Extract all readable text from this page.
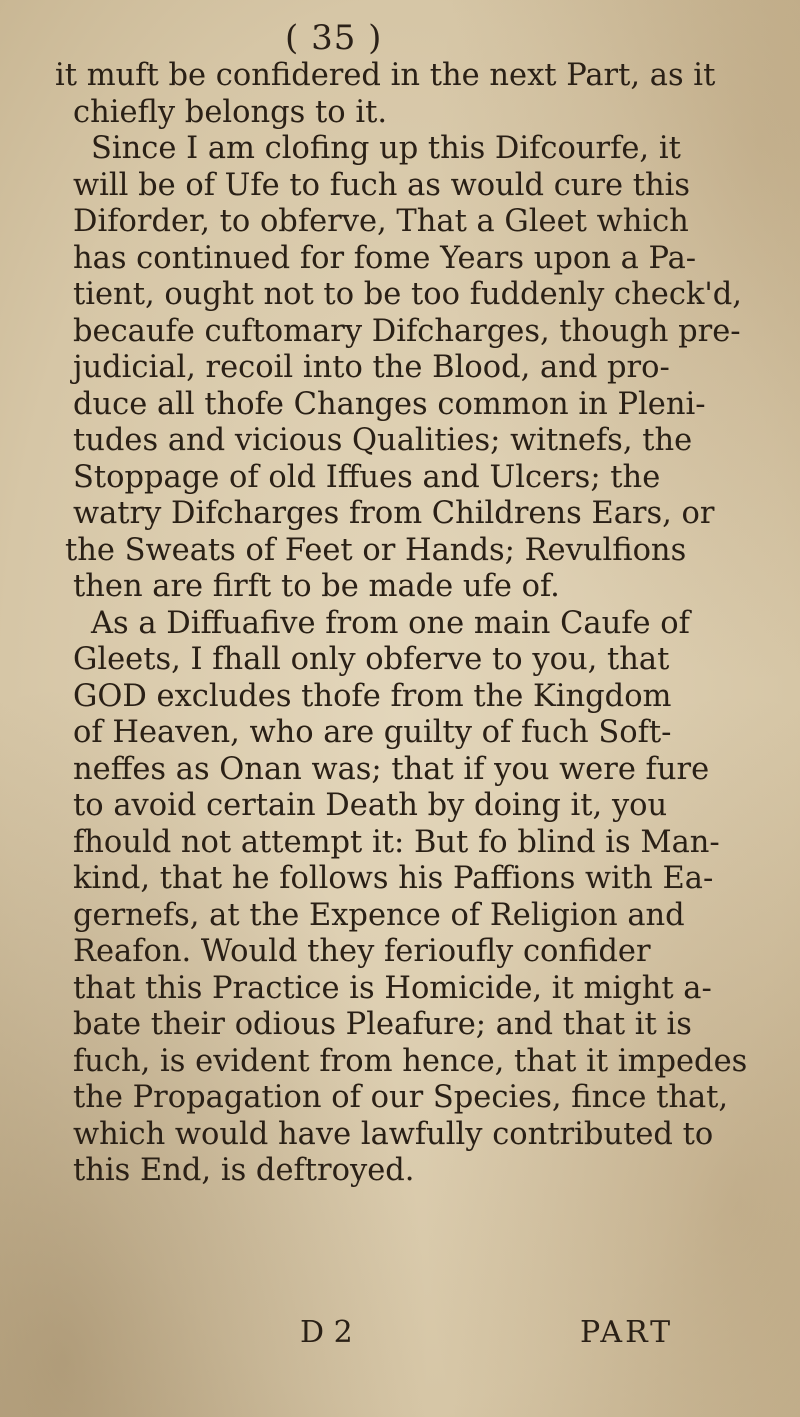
( 35 )
it muft be confidered in the next Part, as it
chiefly belongs to it.
Since I am clofing up this Difcourfe, it
will be of Ufe to fuch as would cure this
Diforder, to obferve, That a Gleet which
has continued for fome Years upon a Pa-
tient, ought not to be too fuddenly check'd,
becaufe cuftomary Difcharges, though pre-
judicial, recoil into the Blood, and pro-
duce all thofe Changes common in Pleni-
tudes and vicious Qualities; witnefs, the
Stoppage of old Iffues and Ulcers; the
watry Difcharges from Childrens Ears, or
the Sweats of Feet or Hands; Revulfions
then are firft to be made ufe of.
As a Diffuafive from one main Caufe of
Gleets, I fhall only obferve to you, that
GOD excludes thofe from the Kingdom
of Heaven, who are guilty of fuch Soft-
neffes as Onan was; that if you were fure
to avoid certain Death by doing it, you
fhould not attempt it: But fo blind is Man-
kind, that he follows his Paffions with Ea-
gernefs, at the Expence of Religion and
Reafon. Would they ferioufly confider
that this Practice is Homicide, it might a-
bate their odious Pleafure; and that it is
fuch, is evident from hence, that it impedes
the Propagation of our Species, fince that,
which would have lawfully contributed to
this End, is deftroyed.
D 2	PART
